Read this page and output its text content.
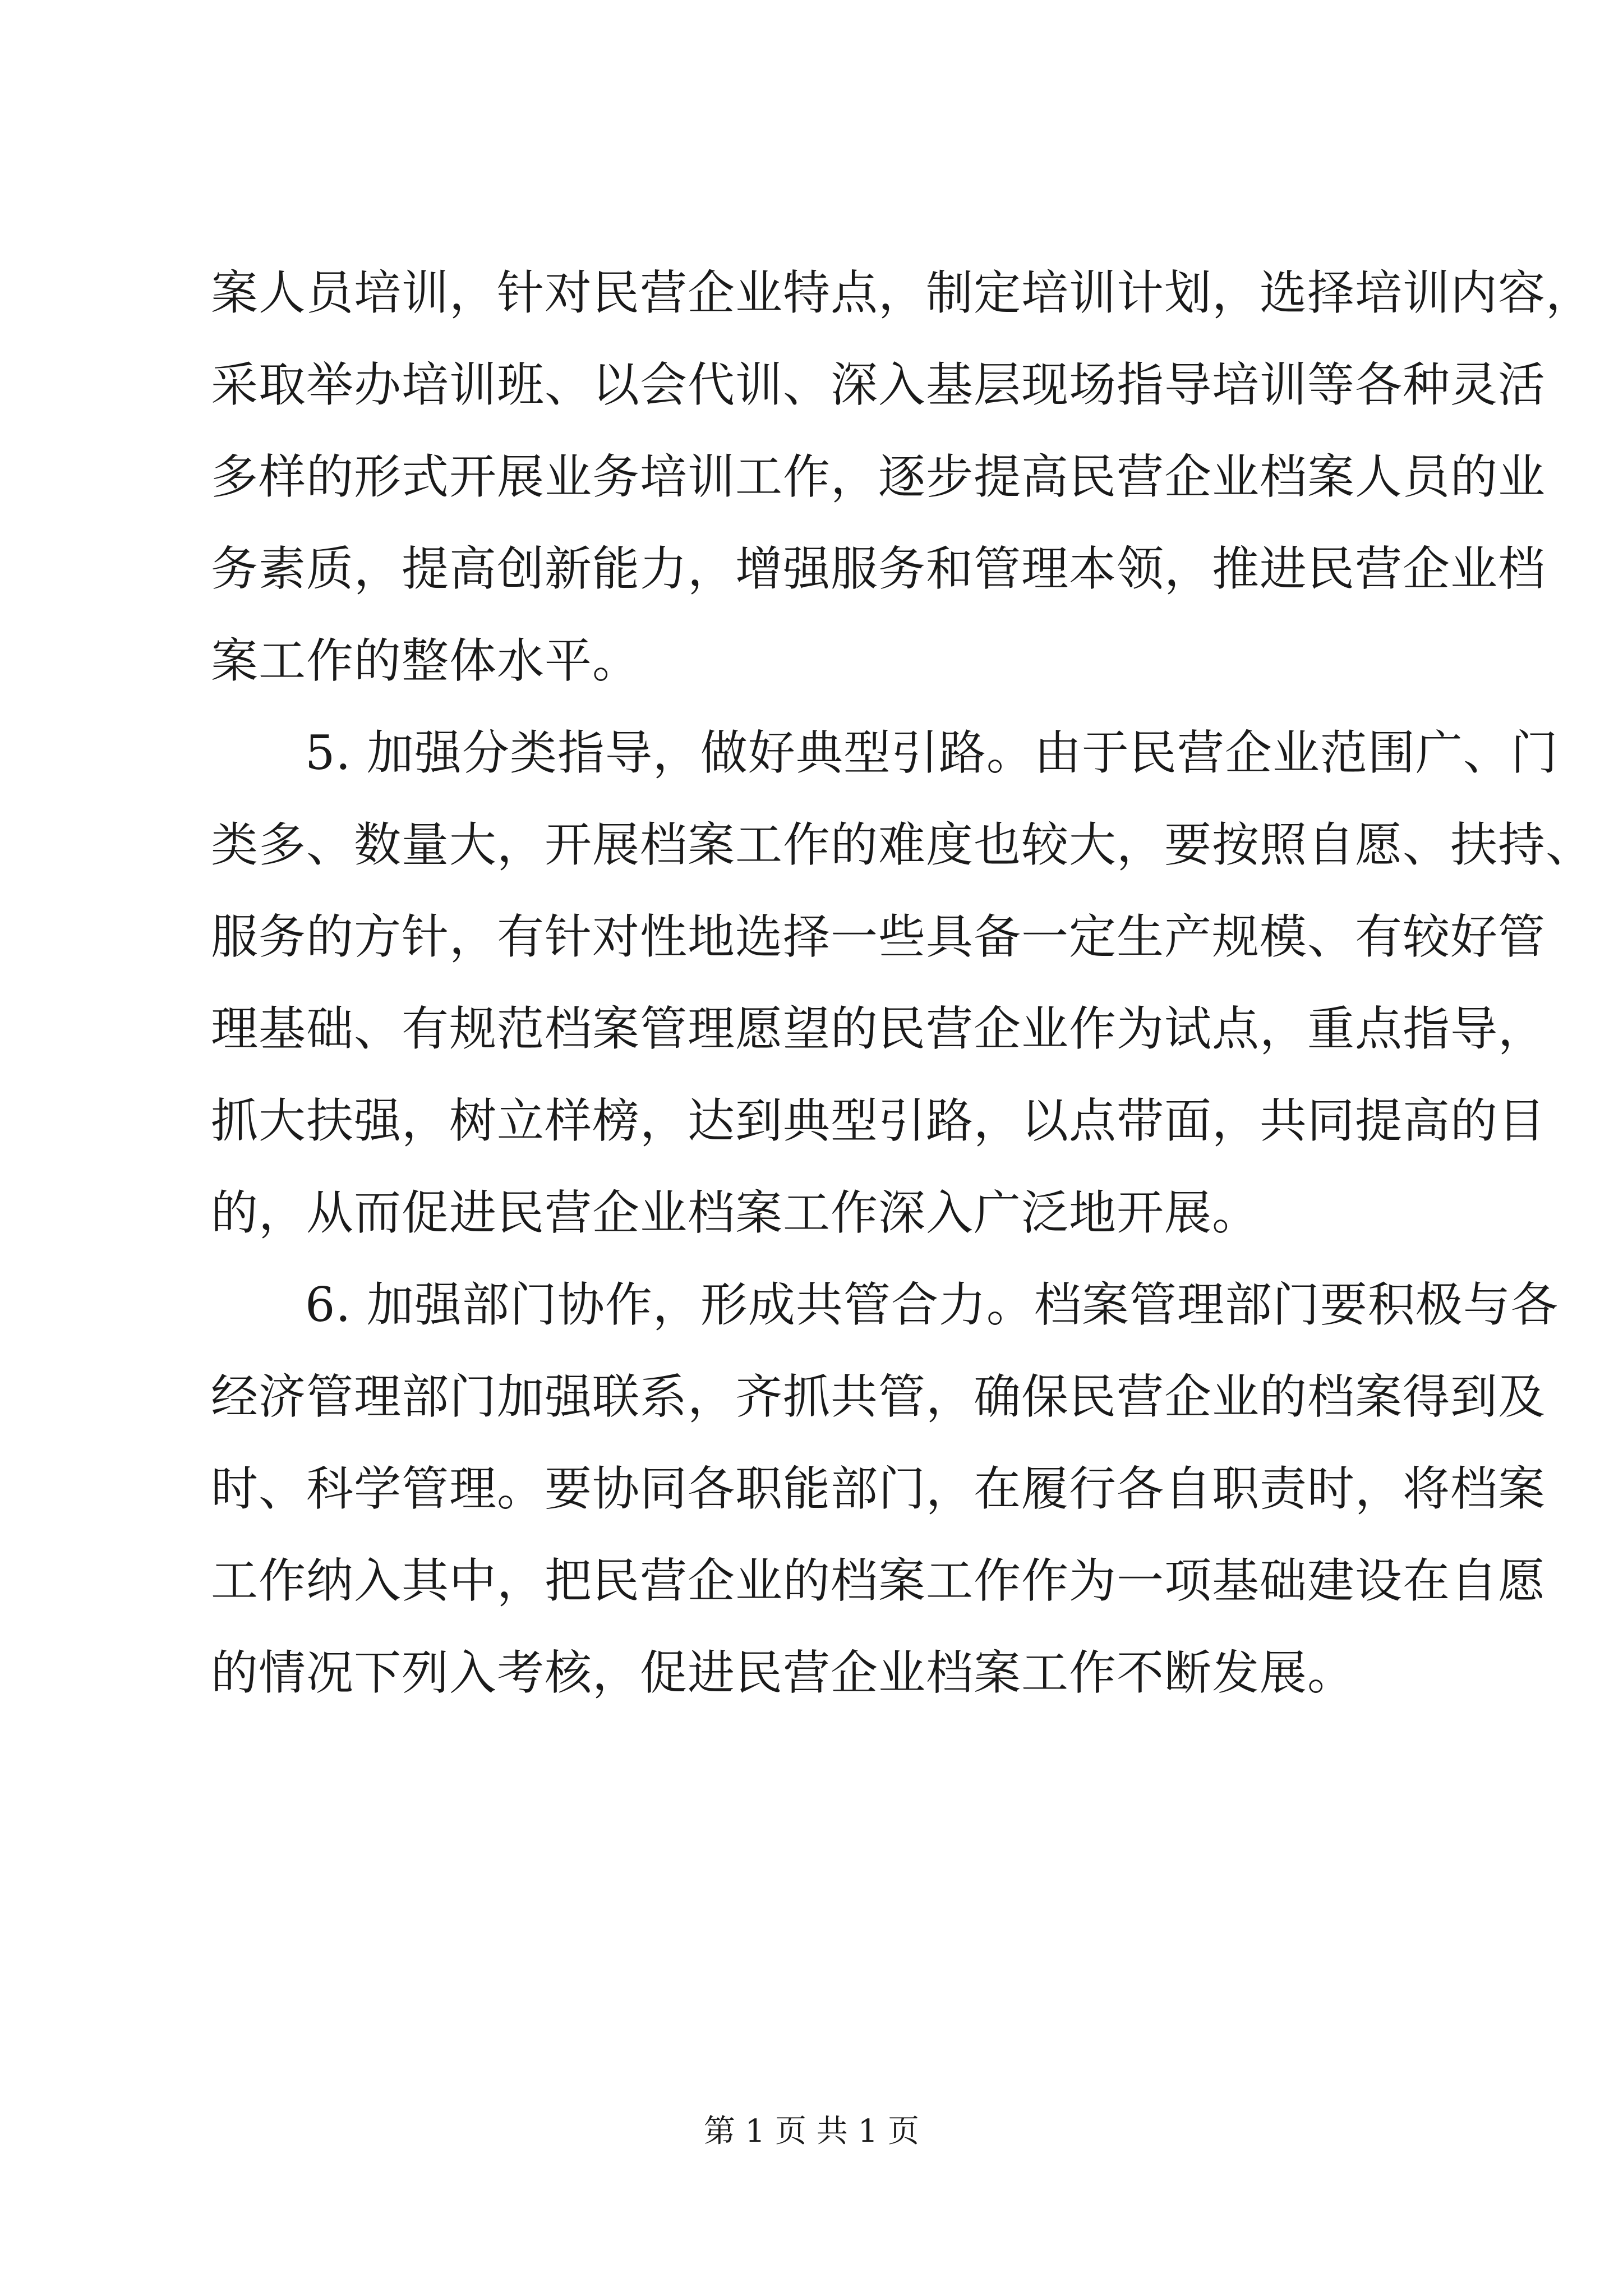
案人员培训，针对民营企业特点，制定培训计划，选择培训内容，
采取举办培训班、以会代训、深入基层现场指导培训等各种灵活
多样的形式开展业务培训工作，逐步提高民营企业档案人员的业
务素质，提高创新能力，增强服务和管理本领，推进民营企业档
案工作的整体水平。
5. 加强分类指导，做好典型引路。由于民营企业范围广、门
类多、数量大，开展档案工作的难度也较大，要按照自愿、扶持、
服务的方针，有针对性地选择一些具备一定生产规模、有较好管
理基础、有规范档案管理愿望的民营企业作为试点，重点指导，
抓大扶强，树立样榜，达到典型引路，以点带面，共同提高的目
的，从而促进民营企业档案工作深入广泛地开展。
6. 加强部门协作，形成共管合力。档案管理部门要积极与各
经济管理部门加强联系，齐抓共管，确保民营企业的档案得到及
时、科学管理。要协同各职能部门，在履行各自职责时，将档案
工作纳入其中，把民营企业的档案工作作为一项基础建设在自愿
的情况下列入考核，促进民营企业档案工作不断发展。
第 1 页 共 1 页
